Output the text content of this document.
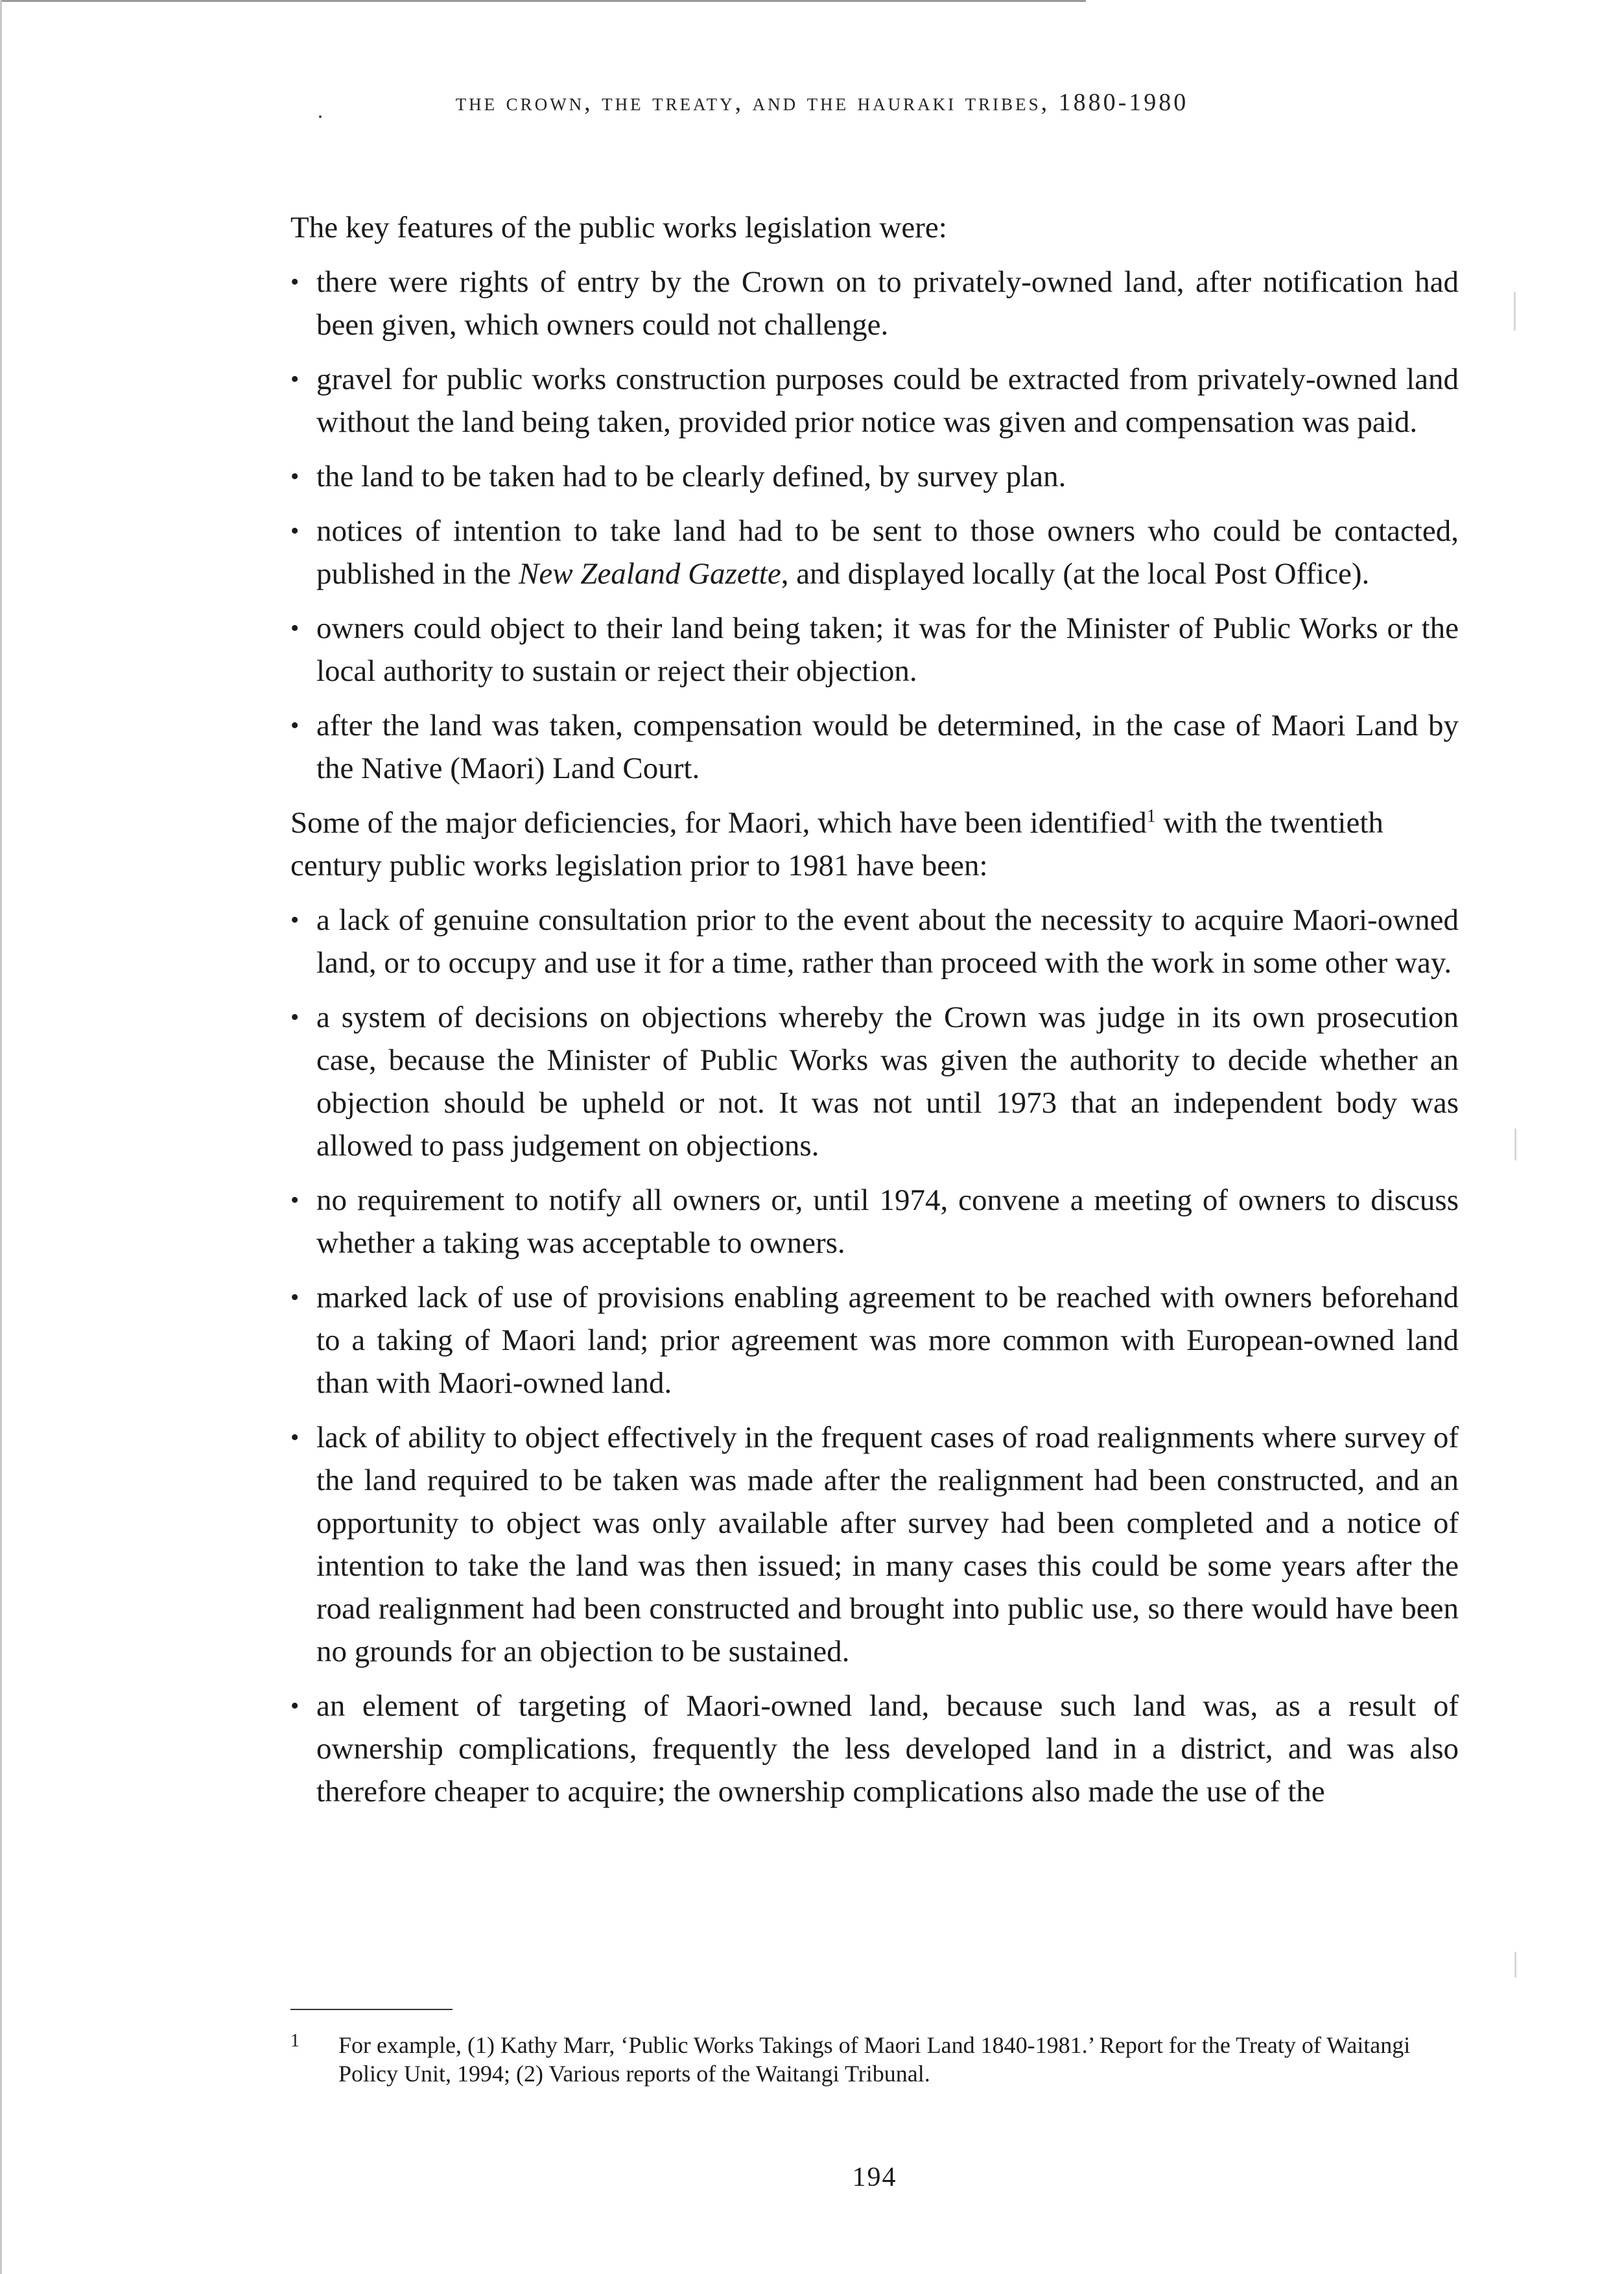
the crown, the treaty, and the hauraki tribes, 1880-1980

The key features of the public works legislation were:

• there were rights of entry by the Crown on to privately-owned land, after notification had been given, which owners could not challenge.
• gravel for public works construction purposes could be extracted from privately-owned land without the land being taken, provided prior notice was given and compensation was paid.
• the land to be taken had to be clearly defined, by survey plan.
• notices of intention to take land had to be sent to those owners who could be contacted, published in the New Zealand Gazette, and displayed locally (at the local Post Office).
• owners could object to their land being taken; it was for the Minister of Public Works or the local authority to sustain or reject their objection.
• after the land was taken, compensation would be determined, in the case of Maori Land by the Native (Maori) Land Court.

Some of the major deficiencies, for Maori, which have been identified$^1$ with the twentieth century public works legislation prior to 1981 have been:

• a lack of genuine consultation prior to the event about the necessity to acquire Maori-owned land, or to occupy and use it for a time, rather than proceed with the work in some other way.
• a system of decisions on objections whereby the Crown was judge in its own prosecution case, because the Minister of Public Works was given the authority to decide whether an objection should be upheld or not. It was not until 1973 that an independent body was allowed to pass judgement on objections.
• no requirement to notify all owners or, until 1974, convene a meeting of owners to discuss whether a taking was acceptable to owners.
• marked lack of use of provisions enabling agreement to be reached with owners beforehand to a taking of Maori land; prior agreement was more common with European-owned land than with Maori-owned land.
• lack of ability to object effectively in the frequent cases of road realignments where survey of the land required to be taken was made after the realignment had been constructed, and an opportunity to object was only available after survey had been completed and a notice of intention to take the land was then issued; in many cases this could be some years after the road realignment had been constructed and brought into public use, so there would have been no grounds for an objection to be sustained.
• an element of targeting of Maori-owned land, because such land was, as a result of ownership complications, frequently the less developed land in a district, and was also therefore cheaper to acquire; the ownership complications also made the use of the
1 For example, (1) Kathy Marr, ‘Public Works Takings of Maori Land 1840-1981.’ Report for the Treaty of Waitangi Policy Unit, 1994; (2) Various reports of the Waitangi Tribunal.
194
